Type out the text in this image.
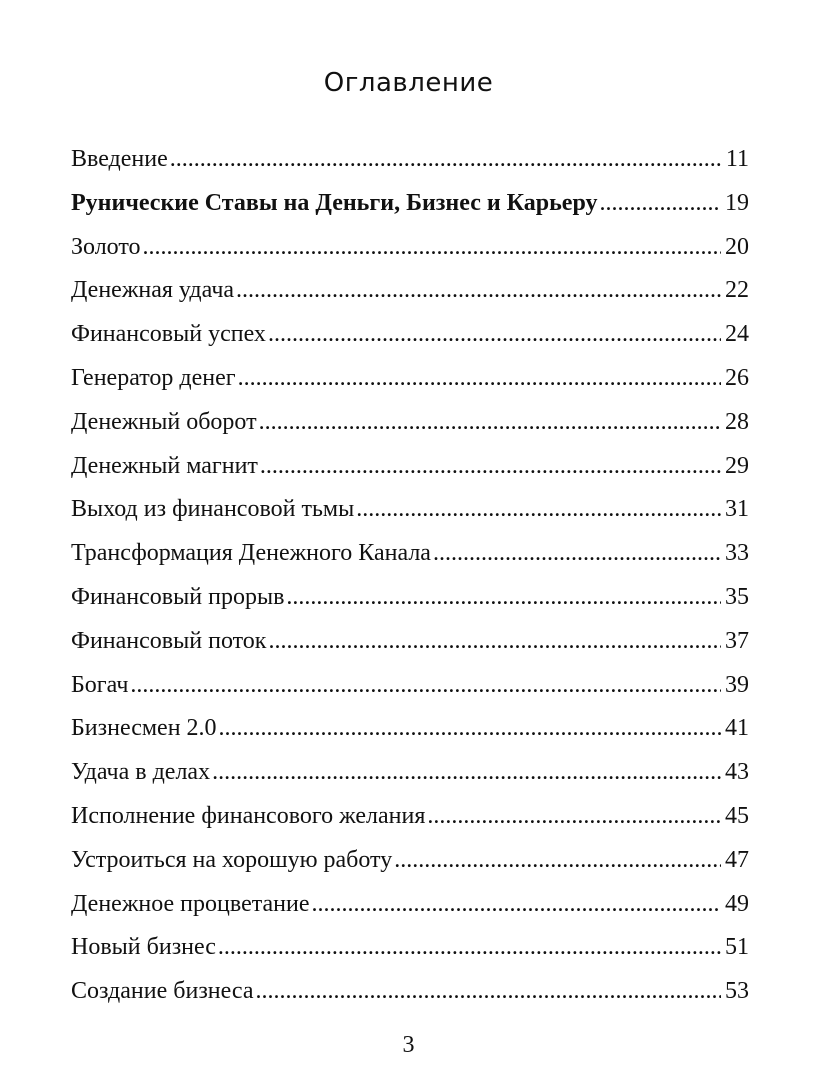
Оглавление
Введение .....	11
Рунические Ставы на Деньги, Бизнес и Карьеру .....	19
Золото .....	20
Денежная удача .....	22
Финансовый успех .....	24
Генератор денег .....	26
Денежный оборот .....	28
Денежный магнит .....	29
Выход из финансовой тьмы .....	31
Трансформация Денежного Канала .....	33
Финансовый прорыв .....	35
Финансовый поток .....	37
Богач .....	39
Бизнесмен 2.0 .....	41
Удача в делах .....	43
Исполнение финансового желания .....	45
Устроиться на хорошую работу .....	47
Денежное процветание .....	49
Новый бизнес .....	51
Создание бизнеса .....	53

3
